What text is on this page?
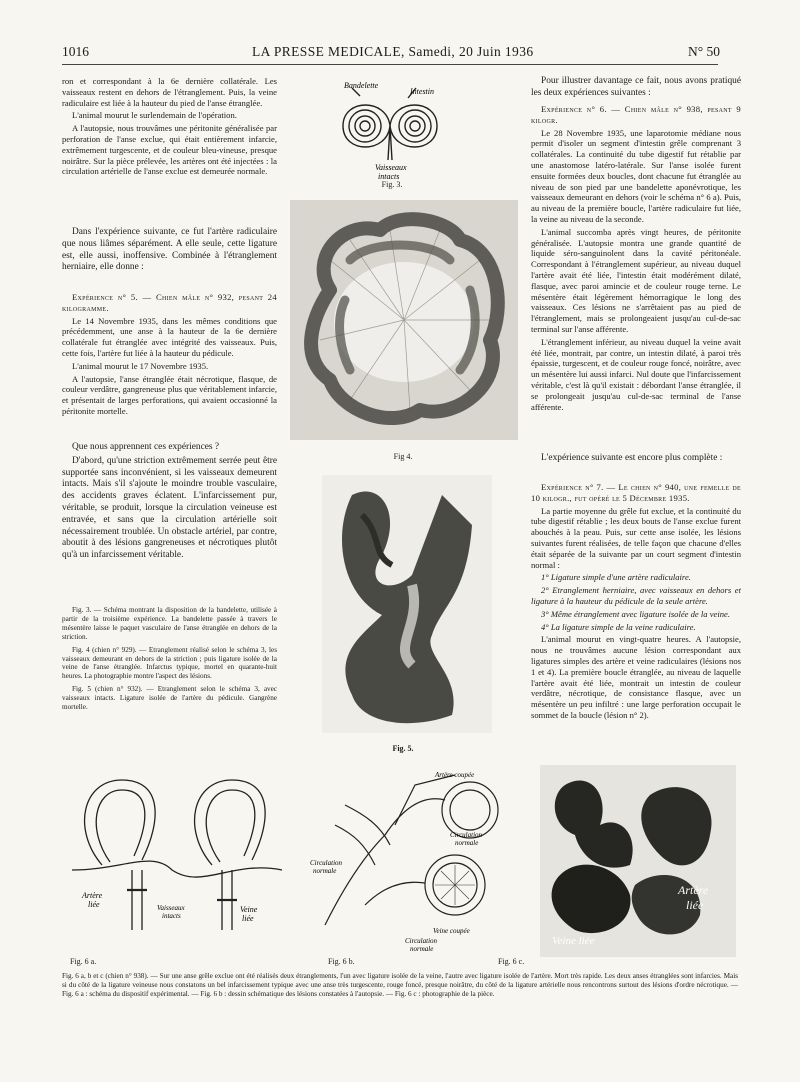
1016	LA PRESSE MEDICALE, Samedi, 20 Juin 1936	N° 50

ron et correspondant à la 6e dernière collatérale. Les vaisseaux restent en dehors de l'étranglement. Puis, la veine radiculaire est liée à la hauteur du pied de l'anse étranglée.

L'animal mourut le surlendemain de l'opération.

A l'autopsie, nous trouvâmes une péritonite généralisée par perforation de l'anse exclue, qui était entièrement infarcie, extrêmement turgescente, et de couleur bleu-vineuse, presque noirâtre. Sur la pièce prélevée, les artères ont été injectées : la circulation artérielle de l'anse exclue est demeurée normale.

Dans l'expérience suivante, ce fut l'artère radiculaire que nous liâmes séparément. A elle seule, cette ligature est, elle aussi, inoffensive. Combinée à l'étranglement herniaire, elle donne :

Expérience n° 5. — Chien mâle n° 932, pesant 24 kilogramme.

Le 14 Novembre 1935, dans les mêmes conditions que précédemment, une anse à la hauteur de la 6e dernière collatérale fut étranglée avec intégrité des vaisseaux. Puis, cette fois, l'artère fut liée à la hauteur du pédicule.

L'animal mourut le 17 Novembre 1935.

A l'autopsie, l'anse étranglée était nécrotique, flasque, de couleur verdâtre, gangreneuse plus que véritablement infarcie, et présentait de larges perforations, qui avaient occasionné la péritonite mortelle.

Que nous apprennent ces expériences ?

D'abord, qu'une striction extrêmement serrée peut être supportée sans inconvénient, si les vaisseaux demeurent intacts. Mais s'il s'ajoute le moindre trouble vasculaire, des accidents graves éclatent. L'infarcissement pur, véritable, se produit, lorsque la circulation veineuse est entravée, et sans que la circulation artérielle soit nécessairement troublée. Un obstacle artériel, par contre, aboutit à des lésions gangreneuses et nécrotiques plutôt qu'à un infarcissement véritable.

Fig. 3. — Schéma montrant la disposition de la bandelette, utilisée à partir de la troisième expérience. La bandelette passée à travers le mésentère laisse le paquet vasculaire de l'anse étranglée en dehors de la striction.

Fig. 4 (chien n° 929). — Etranglement réalisé selon le schéma 3, les vaisseaux demeurant en dehors de la striction ; puis ligature isolée de la veine de l'anse étranglée. Infarctus typique, mortel en quarante-huit heures. La photographie montre l'aspect des lésions.

Fig. 5 (chien n° 932). — Etranglement selon le schéma 3, avec vaisseaux intacts. Ligature isolée de l'artère du pédicule. Gangrène mortelle.

Bandelette
Intestin
Vaisseaux
intacts
Fig. 3.
Fig 4.
Fig. 5.

Pour illustrer davantage ce fait, nous avons pratiqué les deux expériences suivantes :

Expérience n° 6. — Chien mâle n° 938, pesant 9 kilogr.

Le 28 Novembre 1935, une laparotomie médiane nous permit d'isoler un segment d'intestin grêle comprenant 3 collatérales. La continuité du tube digestif fut rétablie par une anastomose latéro-latérale. Sur l'anse isolée furent ensuite formées deux boucles, dont chacune fut étranglée au niveau de son pied par une bandelette aponévrotique, les vaisseaux demeurant en dehors (voir le schéma n° 6 a). Puis, au niveau de la première boucle, l'artère radiculaire fut liée, la veine au niveau de la seconde.

L'animal succomba après vingt heures, de péritonite généralisée. L'autopsie montra une grande quantité de liquide séro-sanguinolent dans la cavité péritonéale. Correspondant à l'étranglement supérieur, au niveau duquel l'artère avait été liée, l'intestin était modérément dilaté, flasque, avec paroi amincie et de couleur rouge terne. Le mésentère était légèrement hémorragique le long des vaisseaux. Ces lésions ne s'arrêtaient pas au pied de l'étranglement, mais se prolongeaient jusqu'au cul-de-sac terminal sur l'anse afférente.

L'étranglement inférieur, au niveau duquel la veine avait été liée, montrait, par contre, un intestin dilaté, à paroi très épaissie, turgescent, et de couleur rouge foncé, noirâtre, avec un mésentère lui aussi infarci. Nul doute que l'infarcissement véritable, c'est là qu'il existait : débordant l'anse étranglée, il se prolongeait jusqu'au cul-de-sac terminal de l'anse afférente.

L'expérience suivante est encore plus complète :

Expérience n° 7. — Le chien n° 940, une femelle de 10 kilogr., fut opéré le 5 Décembre 1935.

La partie moyenne du grêle fut exclue, et la continuité du tube digestif rétablie ; les deux bouts de l'anse exclue furent abouchés à la peau. Puis, sur cette anse isolée, les lésions suivantes furent réalisées, de telle façon que chacune d'elles était séparée de la suivante par un court segment d'intestin normal :

1° Ligature simple d'une artère radiculaire.

2° Etranglement herniaire, avec vaisseaux en dehors et ligature à la hauteur du pédicule de la seule artère.

3° Même étranglement avec ligature isolée de la veine.

4° La ligature simple de la veine radiculaire.

L'animal mourut en vingt-quatre heures. A l'autopsie, nous ne trouvâmes aucune lésion correspondant aux ligatures simples des artère et veine radiculaires (lésions nos 1 et 4). La première boucle étranglée, au niveau de laquelle l'artère avait été liée, montrait un intestin de couleur verdâtre, nécrotique, de consistance flasque, avec un mésentère un peu infiltré : une large perforation occupait le sommet de la boucle (lésion n° 2).

Artère
liée	Vaisseaux
intacts
Veine
liée
Fig. 6 a.
Artère coupée
Circulation
normale
Circulation
normale
Veine coupée
Circulation
normale
Fig. 6 b.
Veine liée
Artère
liée
Fig. 6 c.

Fig. 6 a, b et c (chien n° 938). — Sur une anse grêle exclue ont été réalisés deux étranglements, l'un avec ligature isolée de la veine, l'autre avec ligature isolée de l'artère. Mort très rapide. Les deux anses étranglées sont infarcies. Mais si du côté de la ligature veineuse nous constatons un bel infarcissement typique avec une anse très turgescente, rouge foncé, presque noirâtre, du côté de la ligature artérielle nous rencontrons surtout des lésions d'ordre nécrotique. — Fig. 6 a : schéma du dispositif expérimental. — Fig. 6 b : dessin schématique des lésions constatées à l'autopsie. — Fig. 6 c : photographie de la pièce.
